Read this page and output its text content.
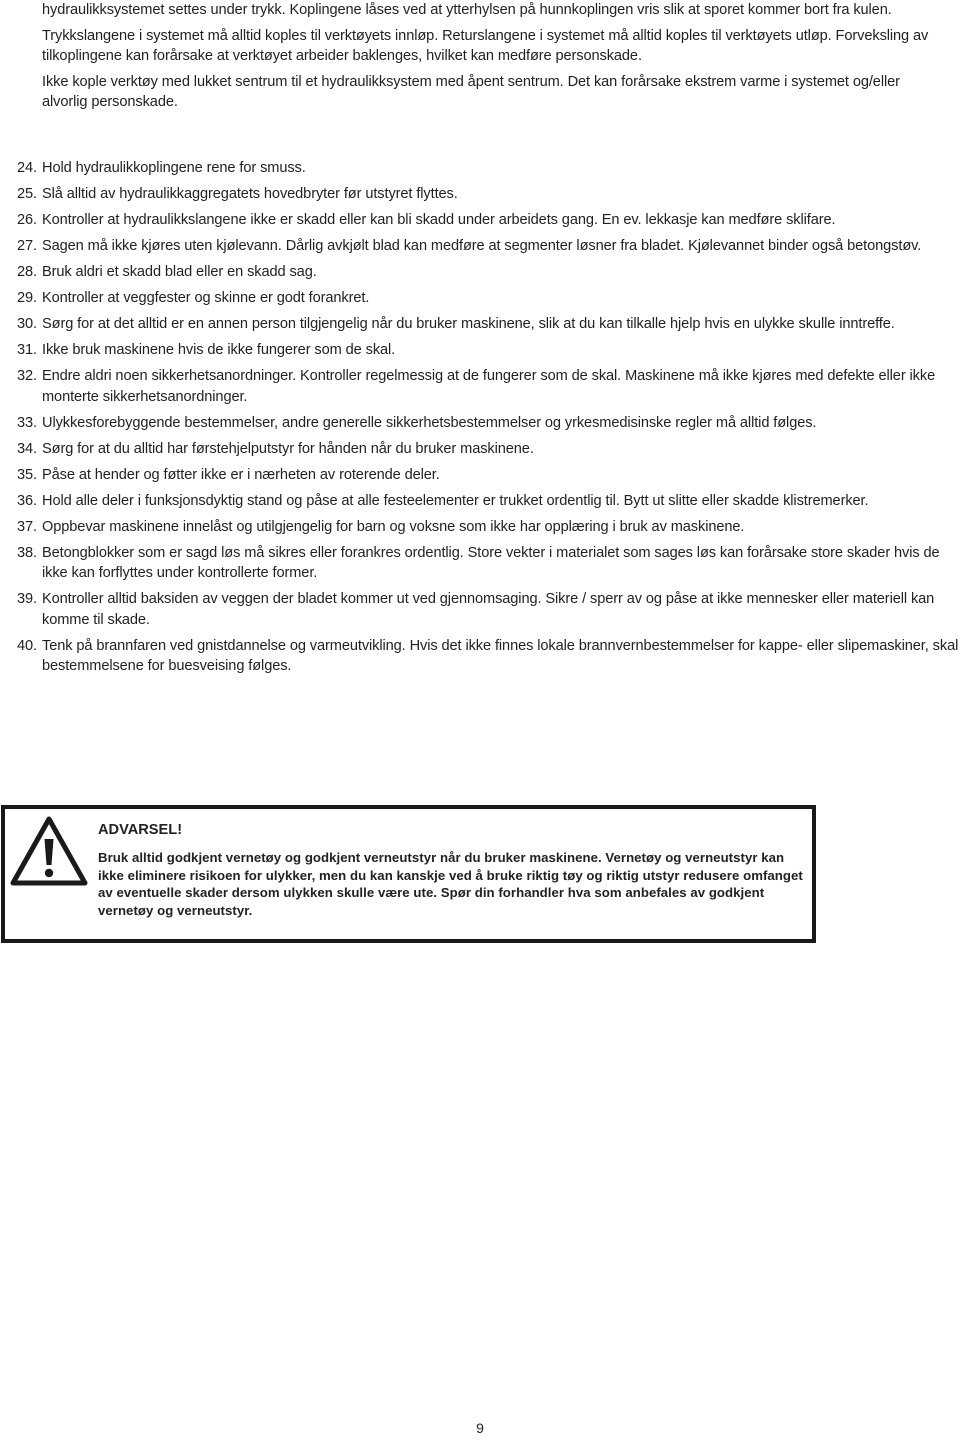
hydraulikksystemet settes under trykk. Koplingene låses ved at ytterhylsen på hunnkoplingen vris slik at sporet kommer bort fra kulen.

Trykkslangene i systemet må alltid koples til verktøyets innløp. Returslangene i systemet må alltid koples til verktøyets utløp. Forveksling av tilkoplingene kan forårsake at verktøyet arbeider baklenges, hvilket kan medføre personskade.

Ikke kople verktøy med lukket sentrum til et hydraulikksystem med åpent sentrum. Det kan forårsake ekstrem varme i systemet og/eller alvorlig personskade.

24. Hold hydraulikkoplingene rene for smuss.
25. Slå alltid av hydraulikkaggregatets hovedbryter før utstyret flyttes.
26. Kontroller at hydraulikkslangene ikke er skadd eller kan bli skadd under arbeidets gang. En ev. lekkasje kan medføre sklifare.
27. Sagen må ikke kjøres uten kjølevann. Dårlig avkjølt blad kan medføre at segmenter løsner fra bladet. Kjølevannet binder også betongstøv.
28. Bruk aldri et skadd blad eller en skadd sag.
29. Kontroller at veggfester og skinne er godt forankret.
30. Sørg for at det alltid er en annen person tilgjengelig når du bruker maskinene, slik at du kan tilkalle hjelp hvis en ulykke skulle inntreffe.
31. Ikke bruk maskinene hvis de ikke fungerer som de skal.
32. Endre aldri noen sikkerhetsanordninger. Kontroller regelmessig at de fungerer som de skal. Maskinene må ikke kjøres med defekte eller ikke monterte sikkerhetsanordninger.
33. Ulykkesforebyggende bestemmelser, andre generelle sikkerhetsbestemmelser og yrkesmedisinske regler må alltid følges.
34. Sørg for at du alltid har førstehjelputstyr for hånden når du bruker maskinene.
35. Påse at hender og føtter ikke er i nærheten av roterende deler.
36. Hold alle deler i funksjonsdyktig stand og påse at alle festeelementer er trukket ordentlig til. Bytt ut slitte eller skadde klistremerker.
37. Oppbevar maskinene innelåst og utilgjengelig for barn og voksne som ikke har opplæring i bruk av maskinene.
38. Betongblokker som er sagd løs må sikres eller forankres ordentlig. Store vekter i materialet som sages løs kan forårsake store skader hvis de ikke kan forflyttes under kontrollerte former.
39. Kontroller alltid baksiden av veggen der bladet kommer ut ved gjennomsaging. Sikre / sperr av og påse at ikke mennesker eller materiell kan komme til skade.
40. Tenk på brannfaren ved gnistdannelse og varmeutvikling. Hvis det ikke finnes lokale brannvernbestemmelser for kappe- eller slipemaskiner, skal bestemmelsene for buesveising følges.
ADVARSEL!
Bruk alltid godkjent vernetøy og godkjent verneutstyr når du bruker maskinene. Vernetøy og verneutstyr kan ikke eliminere risikoen for ulykker, men du kan kanskje ved å bruke riktig tøy og riktig utstyr redusere omfanget av eventuelle skader dersom ulykken skulle være ute. Spør din forhandler hva som anbefales av godkjent vernetøy og verneutstyr.
9
